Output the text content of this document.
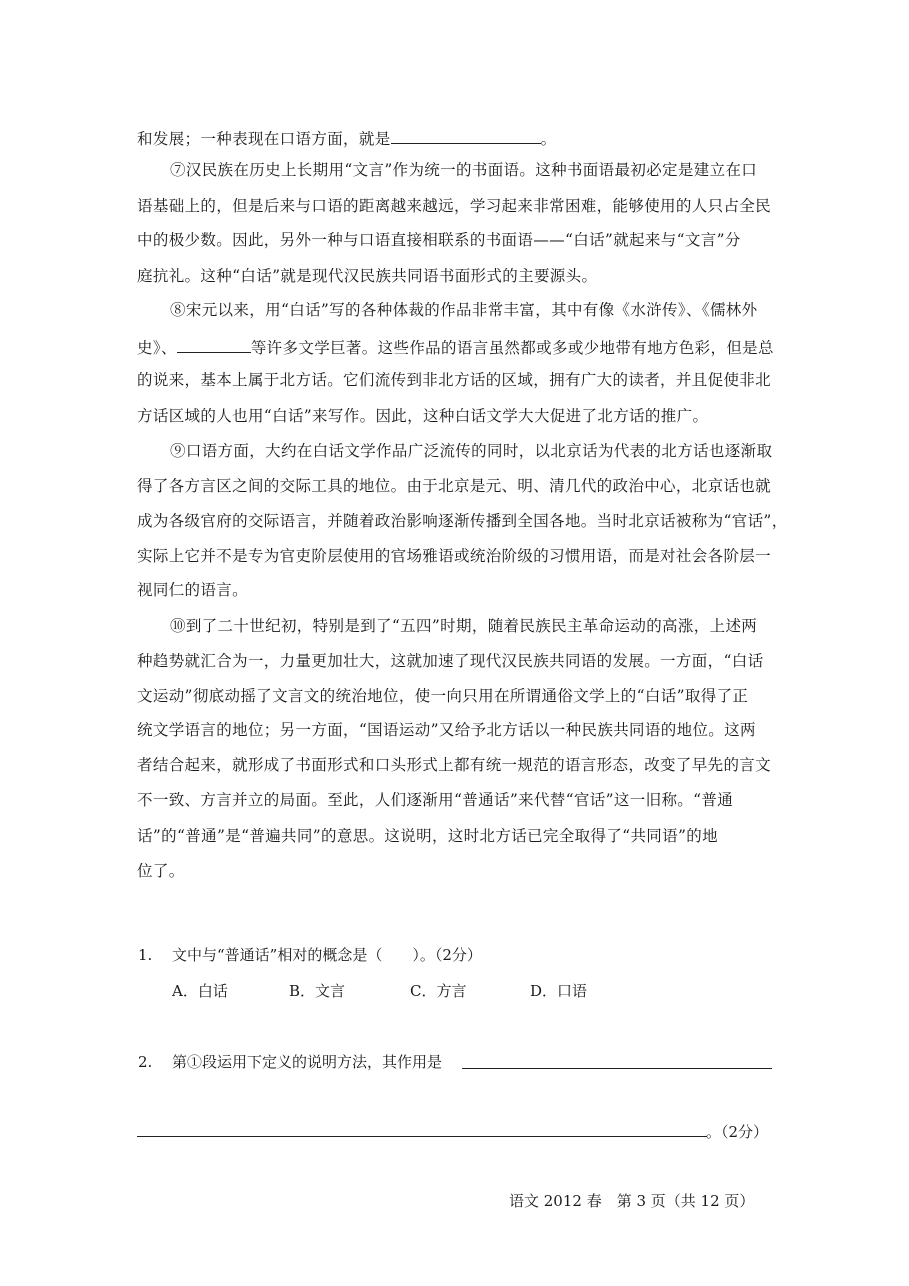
和发展；一种表现在口语方面，就是	。
⑦汉民族在历史上长期用“文言”作为统一的书面语。这种书面语最初必定是建立在口
语基础上的，但是后来与口语的距离越来越远，学习起来非常困难，能够使用的人只占全民
中的极少数。因此，另外一种与口语直接相联系的书面语——“白话”就起来与“文言”分
庭抗礼。这种“白话”就是现代汉民族共同语书面形式的主要源头。
⑧宋元以来，用“白话”写的各种体裁的作品非常丰富，其中有像《水浒传》、《儒林外
史》、	等许多文学巨著。这些作品的语言虽然都或多或少地带有地方色彩，但是总
的说来，基本上属于北方话。它们流传到非北方话的区域，拥有广大的读者，并且促使非北
方话区域的人也用“白话”来写作。因此，这种白话文学大大促进了北方话的推广。
⑨口语方面，大约在白话文学作品广泛流传的同时，以北京话为代表的北方话也逐渐取
得了各方言区之间的交际工具的地位。由于北京是元、明、清几代的政治中心，北京话也就
成为各级官府的交际语言，并随着政治影响逐渐传播到全国各地。当时北京话被称为“官话”，
实际上它并不是专为官吏阶层使用的官场雅语或统治阶级的习惯用语，而是对社会各阶层一
视同仁的语言。
⑩到了二十世纪初，特别是到了“五四”时期，随着民族民主革命运动的高涨，上述两
种趋势就汇合为一，力量更加壮大，这就加速了现代汉民族共同语的发展。一方面，“白话
文运动”彻底动摇了文言文的统治地位，使一向只用在所谓通俗文学上的“白话”取得了正
统文学语言的地位；另一方面，“国语运动”又给予北方话以一种民族共同语的地位。这两
者结合起来，就形成了书面形式和口头形式上都有统一规范的语言形态，改变了早先的言文
不一致、方言并立的局面。至此，人们逐渐用“普通话”来代替“官话”这一旧称。“普通
话”的“普通”是“普遍共同”的意思。这说明，这时北方话已完全取得了“共同语”的地
位了。
1. 文中与“普通话”相对的概念是（　　）。（2分）
A．白话	B．文言	C．方言	D．口语
2. 第①段运用下定义的说明方法，其作用是
。（2分）
语文 2012 春　第 3 页（共 12 页）
